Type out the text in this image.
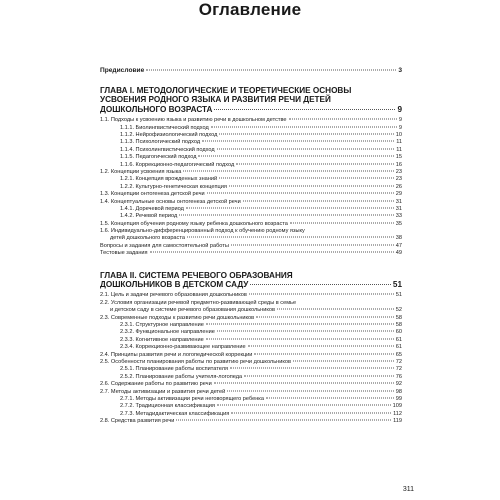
Оглавление
Предисловие	3
ГЛАВА I. МЕТОДОЛОГИЧЕСКИЕ И ТЕОРЕТИЧЕСКИЕ ОСНОВЫ
УСВОЕНИЯ РОДНОГО ЯЗЫКА И РАЗВИТИЯ РЕЧИ ДЕТЕЙ
ДОШКОЛЬНОГО ВОЗРАСТА	9
1.1. Подходы к усвоению языка и развитию речи в дошкольном детстве	9
1.1.1. Биолингвистический подход	9
1.1.2. Нейрофизиологический подход	10
1.1.3. Психологический подход	11
1.1.4. Психолингвистический подход	11
1.1.5. Педагогический подход	15
1.1.6. Коррекционно-педагогический подход	16
1.2. Концепции усвоения языка	23
1.2.1. Концепция врожденных знаний	23
1.2.2. Культурно-генетическая концепция	26
1.3. Концепции онтогенеза детской речи	29
1.4. Концептуальные основы онтогенеза детской речи	31
1.4.1. Доречевой период	31
1.4.2. Речевой период	33
1.5. Концепция обучения родному языку ребенка дошкольного возраста	35
1.6. Индивидуально-дифференцированный подход к обучению родному языку
детей дошкольного возраста	38
Вопросы и задания для самостоятельной работы	47
Тестовые задания	49
ГЛАВА II. СИСТЕМА РЕЧЕВОГО ОБРАЗОВАНИЯ
ДОШКОЛЬНИКОВ В ДЕТСКОМ САДУ	51
2.1. Цель и задачи речевого образования дошкольников	51
2.2. Условия организации речевой предметно-развивающей среды в семье
и детском саду в системе речевого образования дошкольников	52
2.3. Современные подходы к развитию речи дошкольников	58
2.3.1. Структурное направление	58
2.3.2. Функциональное направление	60
2.3.3. Когнитивное направление	61
2.3.4. Коррекционно-развивающее направление	61
2.4. Принципы развития речи и логопедической коррекции	65
2.5. Особенности планирования работы по развитию речи дошкольников	72
2.5.1. Планирование работы воспитателя	72
2.5.2. Планирование работы учителя-логопеда	76
2.6. Содержание работы по развитию речи	92
2.7. Методы активизации и развития речи детей	98
2.7.1. Методы активизации речи неговорящего ребенка	99
2.7.2. Традиционная классификация	109
2.7.3. Метадидактическая классификация	112
2.8. Средства развития речи	119
311
